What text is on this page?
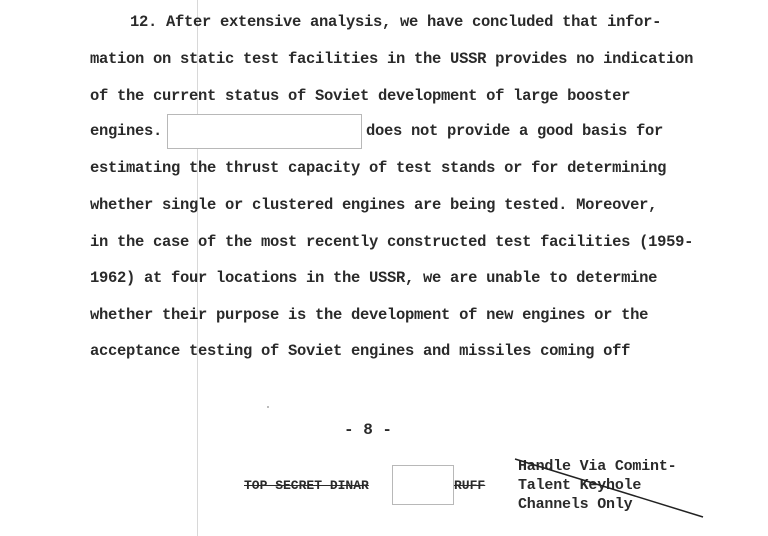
12. After extensive analysis, we have concluded that infor-
mation on static test facilities in the USSR provides no indication
of the current status of Soviet development of large booster
engines.	does not provide a good basis for
estimating the thrust capacity of test stands or for determining
whether single or clustered engines are being tested. Moreover,
in the case of the most recently constructed test facilities (1959-
1962) at four locations in the USSR, we are unable to determine
whether their purpose is the development of new engines or the
acceptance testing of Soviet engines and missiles coming off
- 8 -
TOP SECRET DINAR	RUFF
Handle Via Comint-
Talent Keyhole
Channels Only
